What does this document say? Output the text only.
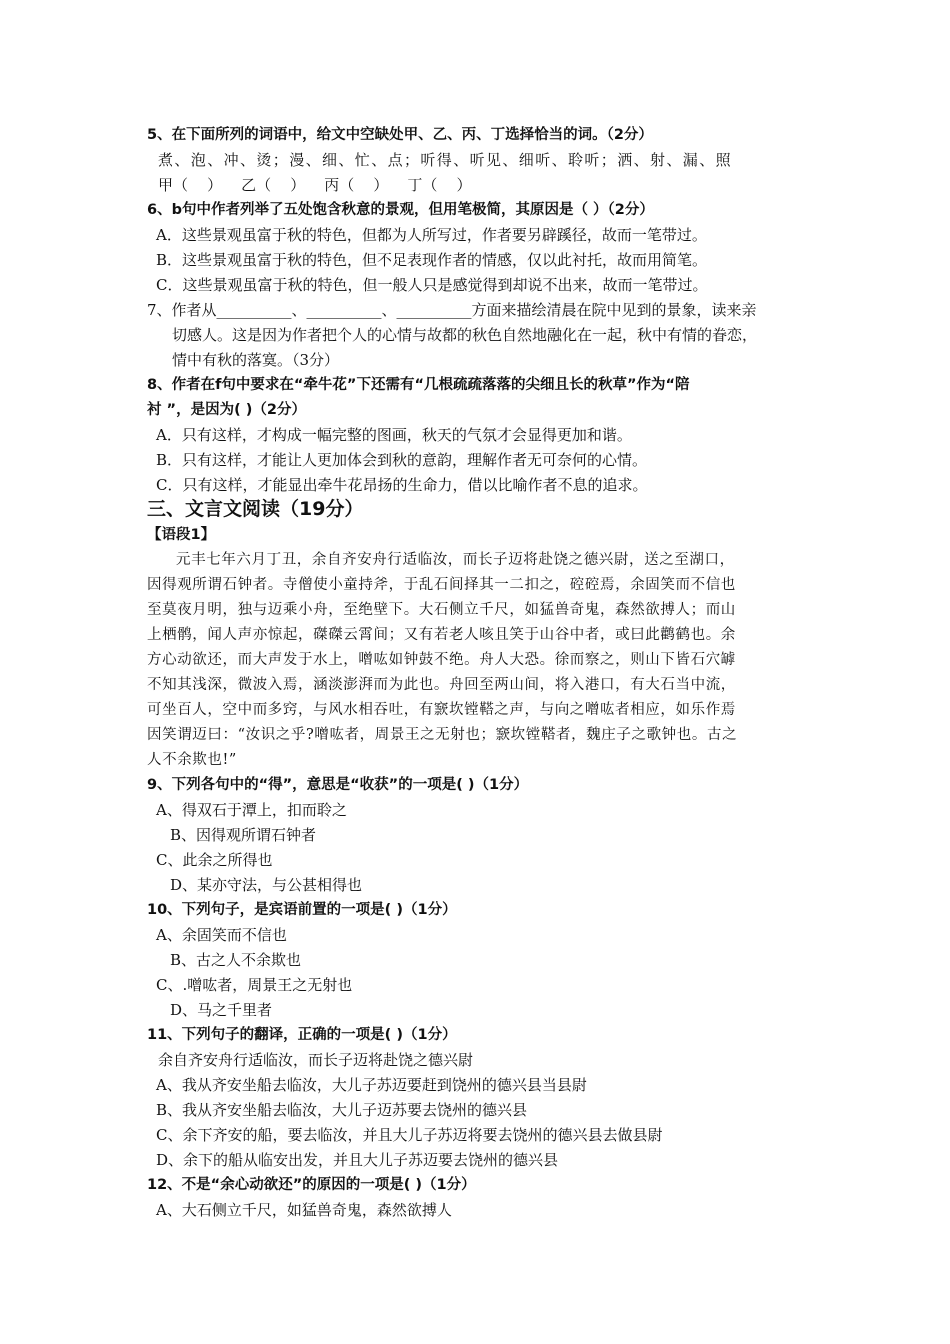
5、在下面所列的词语中，给文中空缺处甲、乙、丙、丁选择恰当的词。（2分）
煮、泡、冲、烫；漫、细、忙、点；听得、听见、细听、聆听；洒、射、漏、照
甲（    ）    乙（    ）    丙（    ）    丁（    ）
6、b句中作者列举了五处饱含秋意的景观，但用笔极简，其原因是（ ）（2分）
A．这些景观虽富于秋的特色，但都为人所写过，作者要另辟蹊径，故而一笔带过。
B．这些景观虽富于秋的特色，但不足表现作者的情感，仅以此衬托，故而用简笔。
C．这些景观虽富于秋的特色，但一般人只是感觉得到却说不出来，故而一笔带过。
7、作者从__________、__________、__________方面来描绘清晨在院中见到的景象，读来亲
切感人。这是因为作者把个人的心情与故都的秋色自然地融化在一起，秋中有情的眷恋，
情中有秋的落寞。（3分）
8、作者在f句中要求在“牵牛花”下还需有“几根疏疏落落的尖细且长的秋草”作为“陪
衬 ”，是因为( )（2分）
A．只有这样，才构成一幅完整的图画，秋天的气氛才会显得更加和谐。
B．只有这样，才能让人更加体会到秋的意韵，理解作者无可奈何的心情。
C．只有这样，才能显出牵牛花昂扬的生命力，借以比喻作者不息的追求。
三、文言文阅读（19分）
【语段1】
元丰七年六月丁丑，余自齐安舟行适临汝，而长子迈将赴饶之德兴尉，送之至湖口，
因得观所谓石钟者。寺僧使小童持斧，于乱石间择其一二扣之，硿硿焉，余固笑而不信也
至莫夜月明，独与迈乘小舟，至绝壁下。大石侧立千尺，如猛兽奇鬼，森然欲搏人；而山
上栖鹘，闻人声亦惊起，磔磔云霄间；又有若老人咳且笑于山谷中者，或曰此鹳鹤也。余
方心动欲还，而大声发于水上，噌吰如钟鼓不绝。舟人大恐。徐而察之，则山下皆石穴罅
不知其浅深，微波入焉，涵淡澎湃而为此也。舟回至两山间，将入港口，有大石当中流，
可坐百人，空中而多窍，与风水相吞吐，有窾坎镗鞳之声，与向之噌吰者相应，如乐作焉
因笑谓迈曰：“汝识之乎?噌吰者，周景王之无射也；窾坎镗鞳者，魏庄子之歌钟也。古之
人不余欺也!”
9、下列各句中的“得”，意思是“收获”的一项是( )（1分）
A、得双石于潭上，扣而聆之
B、因得观所谓石钟者
C、此余之所得也
D、某亦守法，与公甚相得也
10、下列句子，是宾语前置的一项是( )（1分）
A、余固笑而不信也
B、古之人不余欺也
C、.噌吰者，周景王之无射也
D、马之千里者
11、下列句子的翻译，正确的一项是( )（1分）
余自齐安舟行适临汝，而长子迈将赴饶之德兴尉
A、我从齐安坐船去临汝，大儿子苏迈要赶到饶州的德兴县当县尉
B、我从齐安坐船去临汝，大儿子迈苏要去饶州的德兴县
C、余下齐安的船，要去临汝，并且大儿子苏迈将要去饶州的德兴县去做县尉
D、余下的船从临安出发，并且大儿子苏迈要去饶州的德兴县
12、不是“余心动欲还”的原因的一项是( )（1分）
A、大石侧立千尺，如猛兽奇鬼，森然欲搏人
